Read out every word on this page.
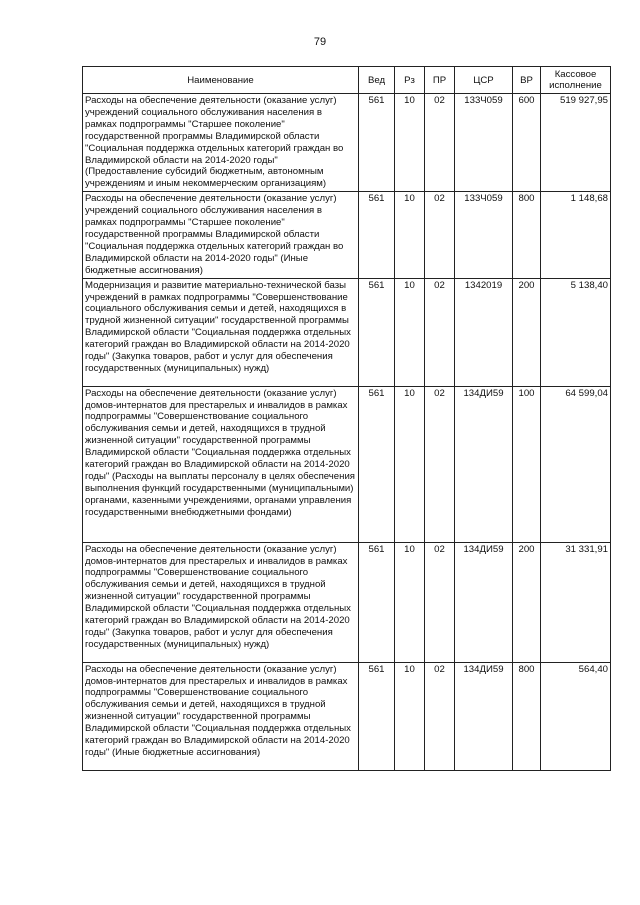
79
Наименование	Вед	Рз	ПР	ЦСР	ВР	Кассовое исполнение
Расходы на обеспечение деятельности (оказание услуг) учреждений социального обслуживания населения в рамках подпрограммы "Старшее поколение" государственной программы Владимирской области "Социальная поддержка отдельных категорий граждан во Владимирской области на 2014-2020 годы" (Предоставление субсидий бюджетным, автономным учреждениям и иным некоммерческим организациям)	561	10	02	133Ч059	600	519 927,95
Расходы на обеспечение деятельности (оказание услуг) учреждений социального обслуживания населения в рамках подпрограммы "Старшее поколение" государственной программы Владимирской области "Социальная поддержка отдельных категорий граждан во Владимирской области на 2014-2020 годы" (Иные бюджетные ассигнования)	561	10	02	133Ч059	800	1 148,68
Модернизация и развитие материально-технической базы учреждений в рамках подпрограммы "Совершенствование социального обслуживания семьи и детей, находящихся в трудной жизненной ситуации" государственной программы Владимирской области "Социальная поддержка отдельных категорий граждан во Владимирской области на 2014-2020 годы" (Закупка товаров, работ и услуг для обеспечения государственных (муниципальных) нужд)	561	10	02	1342019	200	5 138,40
Расходы на обеспечение деятельности (оказание услуг) домов-интернатов для престарелых и инвалидов в рамках подпрограммы "Совершенствование социального обслуживания семьи и детей, находящихся в трудной жизненной ситуации" государственной программы Владимирской области "Социальная поддержка отдельных категорий граждан во Владимирской области на 2014-2020 годы" (Расходы на выплаты персоналу в целях обеспечения выполнения функций государственными (муниципальными) органами, казенными учреждениями, органами управления государственными внебюджетными фондами)	561	10	02	134ДИ59	100	64 599,04
Расходы на обеспечение деятельности (оказание услуг) домов-интернатов для престарелых и инвалидов в рамках подпрограммы "Совершенствование социального обслуживания семьи и детей, находящихся в трудной жизненной ситуации" государственной программы Владимирской области "Социальная поддержка отдельных категорий граждан во Владимирской области на 2014-2020 годы" (Закупка товаров, работ и услуг для обеспечения государственных (муниципальных) нужд)	561	10	02	134ДИ59	200	31 331,91
Расходы на обеспечение деятельности (оказание услуг) домов-интернатов для престарелых и инвалидов в рамках подпрограммы "Совершенствование социального обслуживания семьи и детей, находящихся в трудной жизненной ситуации" государственной программы Владимирской области "Социальная поддержка отдельных категорий граждан во Владимирской области на 2014-2020 годы" (Иные бюджетные ассигнования)	561	10	02	134ДИ59	800	564,40
